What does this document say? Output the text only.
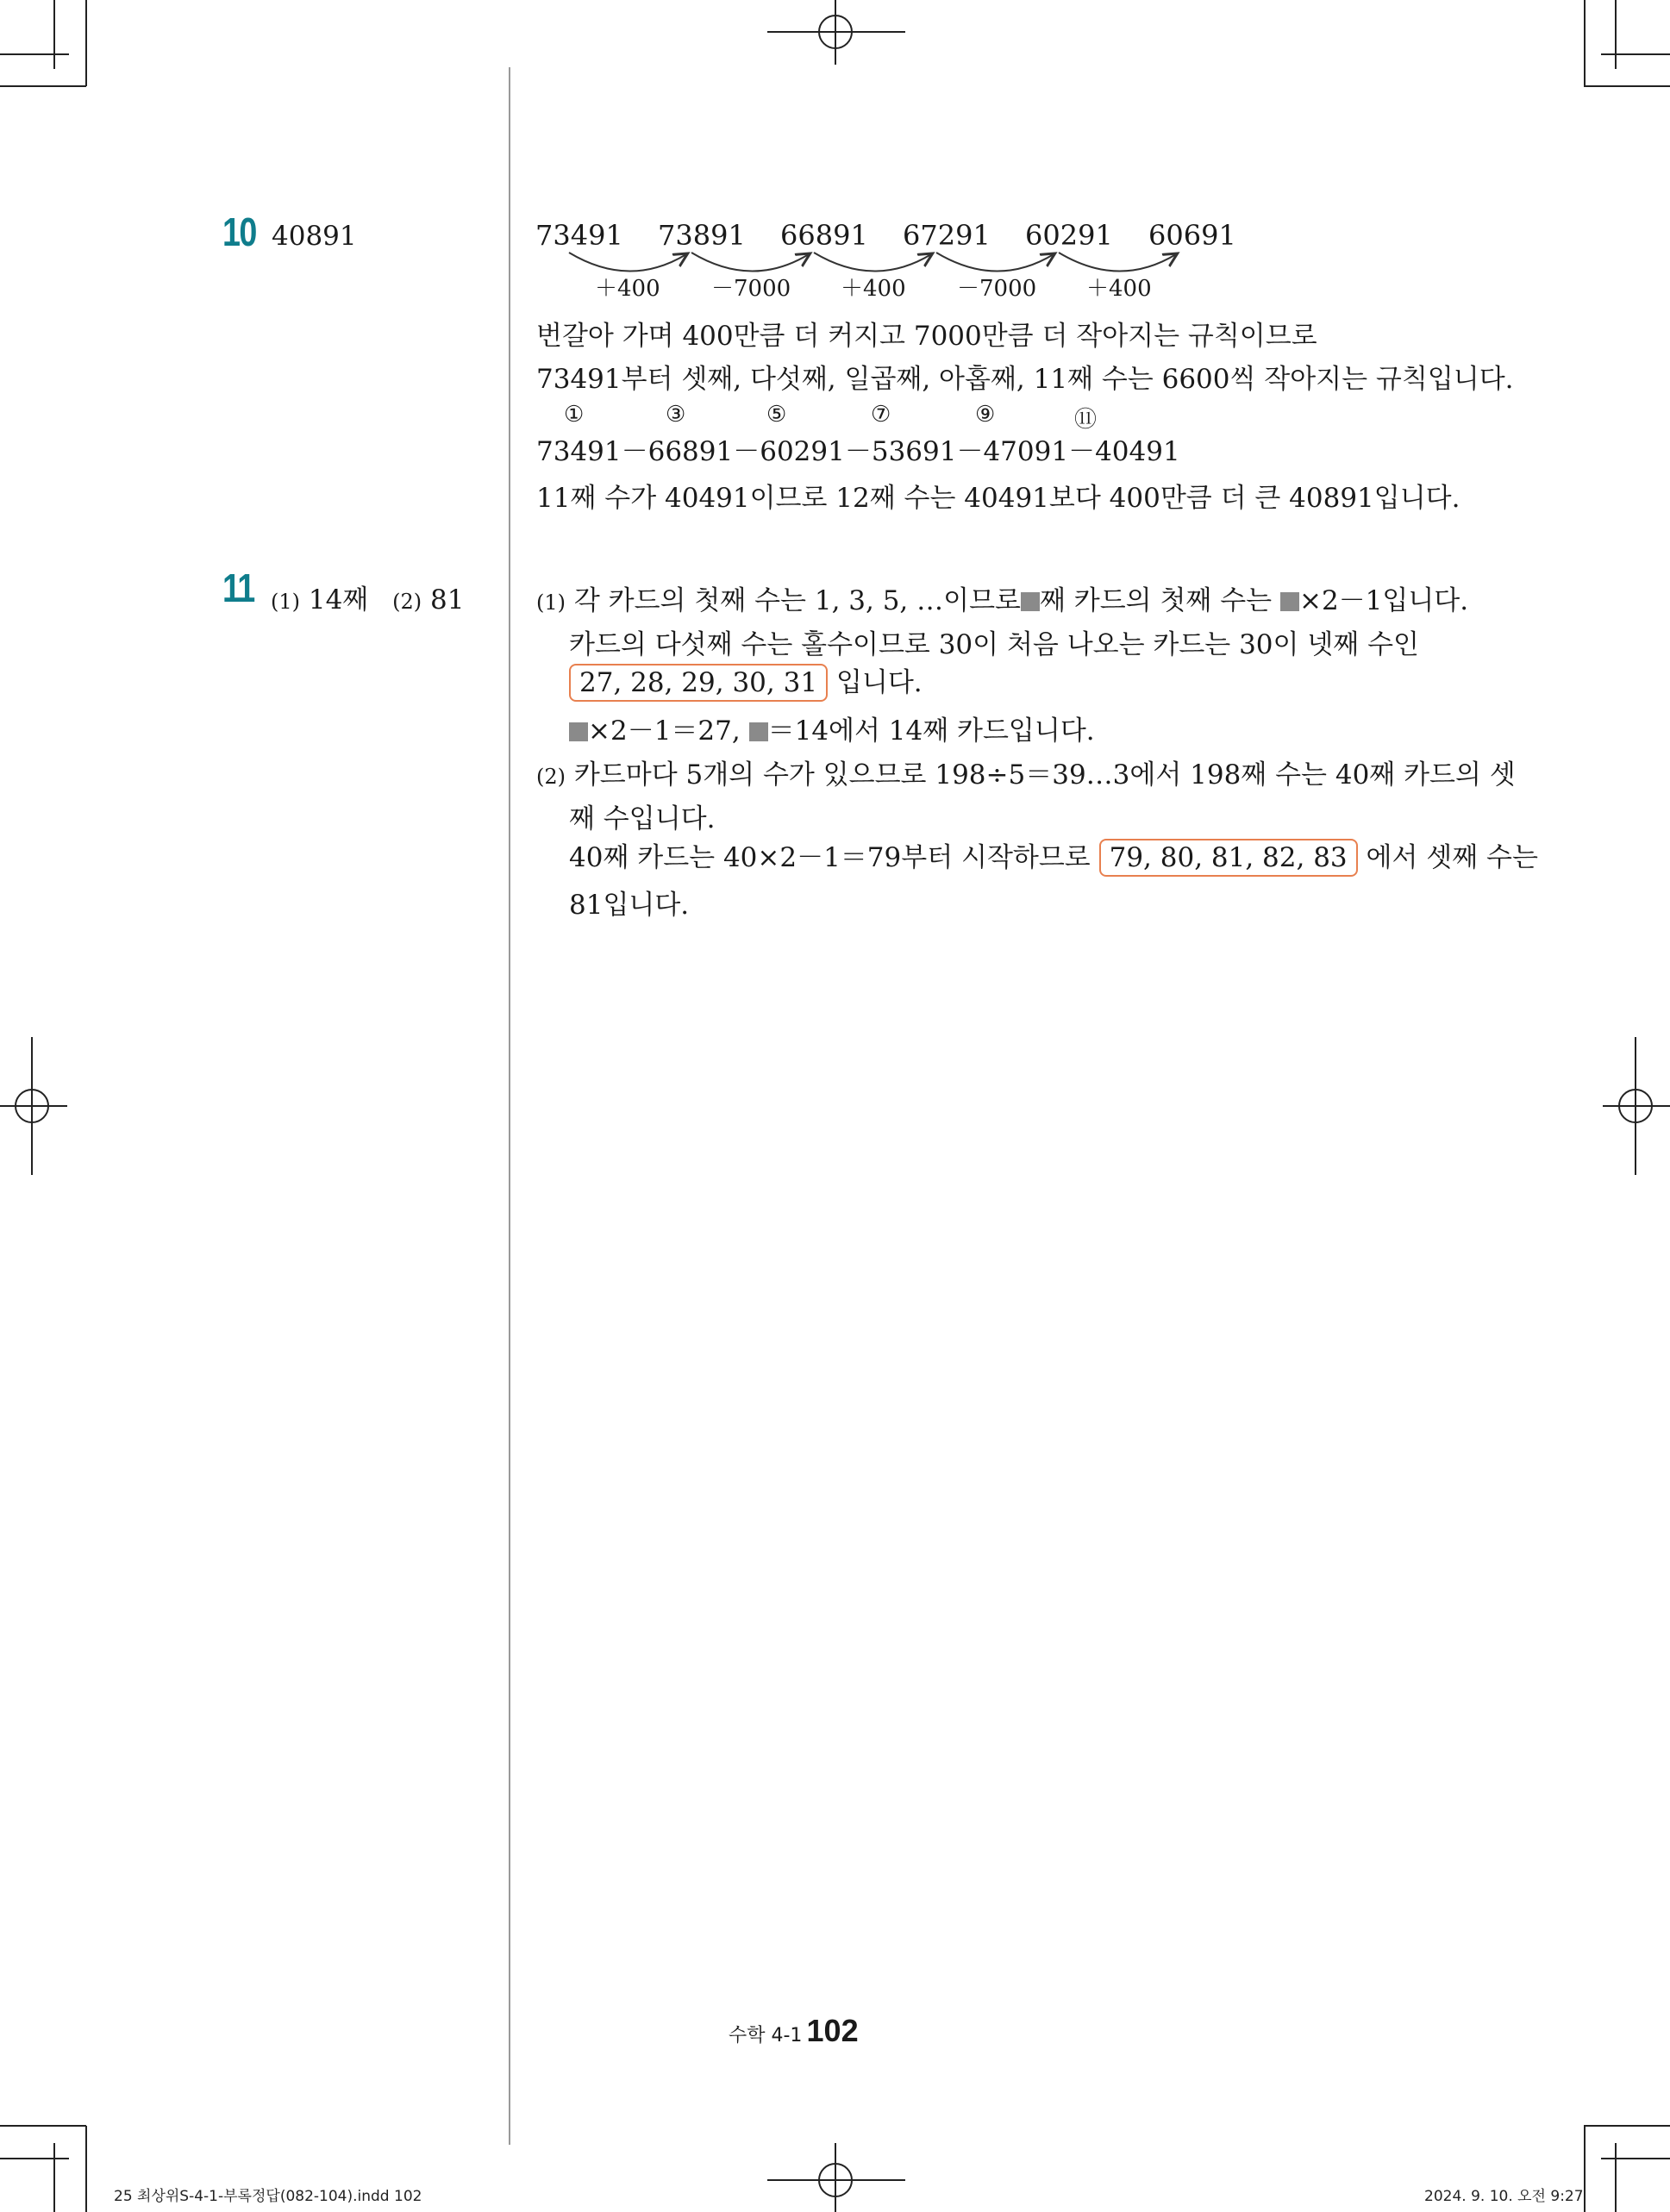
10 40891	73491 73891 66891 67291 60291 60691
＋400 －7000 ＋400 －7000 ＋400
번갈아 가며 400만큼 더 커지고 7000만큼 더 작아지는 규칙이므로
73491부터 셋째, 다섯째, 일곱째, 아홉째, 11째 수는 6600씩 작아지는 규칙입니다.
①	③	⑤	⑦	⑨	⑪
73491－66891－60291－53691－47091－40491
11째 수가 40491이므로 12째 수는 40491보다 400만큼 더 큰 40891입니다.
11 (1) 14째 (2) 81	(1) 각 카드의 첫째 수는 1, 3, 5, …이므로 째 카드의 첫째 수는 ×2－1입니다.
카드의 다섯째 수는 홀수이므로 30이 처음 나오는 카드는 30이 넷째 수인
27, 28, 29, 30, 31 입니다.
×2－1＝27, ＝14에서 14째 카드입니다.
(2) 카드마다 5개의 수가 있으므로 198÷5＝39…3에서 198째 수는 40째 카드의 셋
째 수입니다.
40째 카드는 40×2－1＝79부터 시작하므로 79, 80, 81, 82, 83 에서 셋째 수는
81입니다.
수학 4-1 102
25 최상위S-4-1-부록정답(082-104).indd 102	2024. 9. 10. 오전 9:27
